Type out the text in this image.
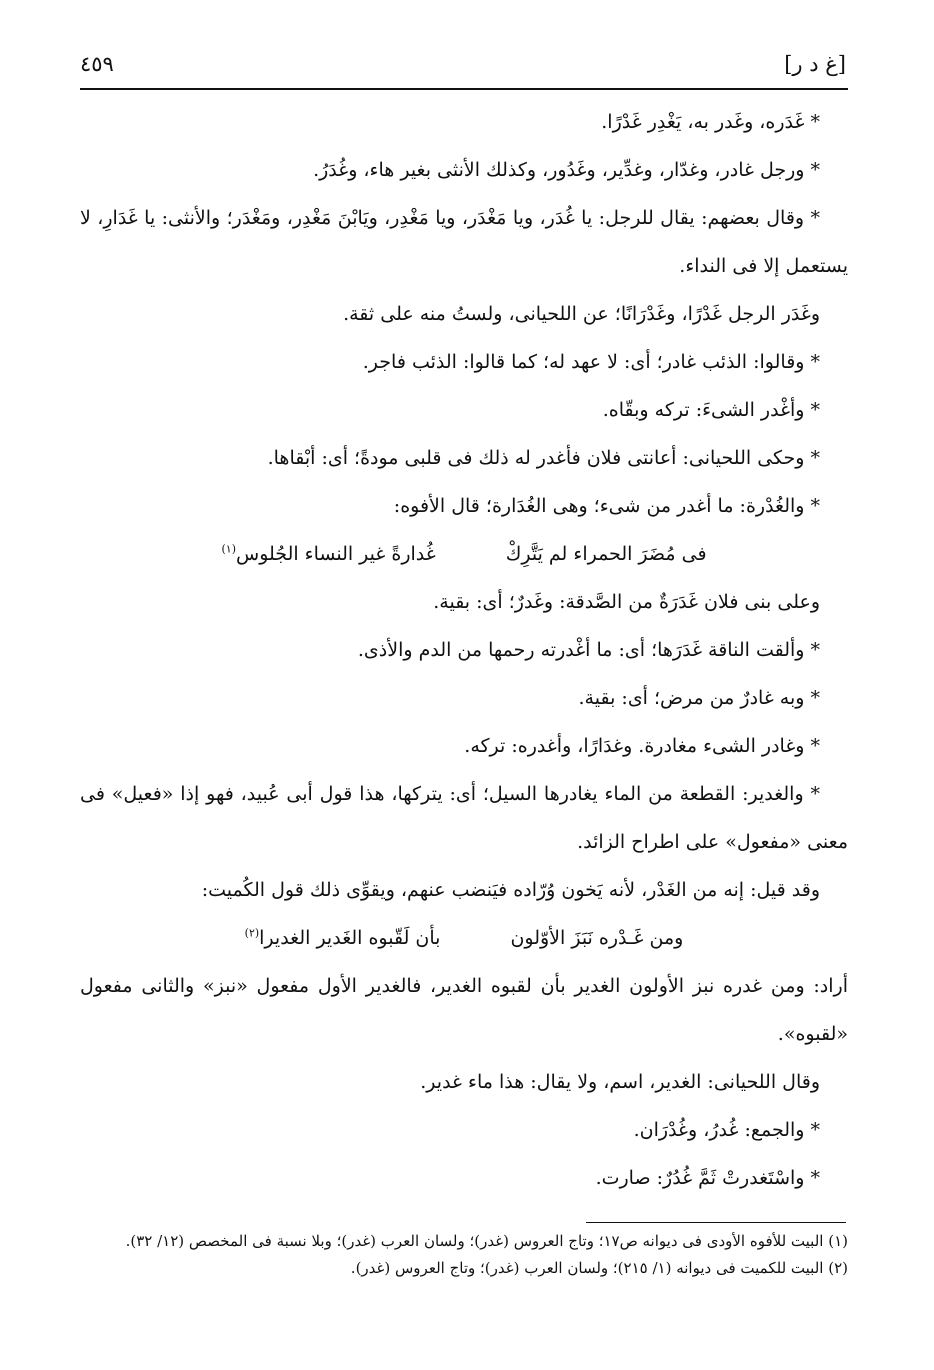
[غ د ر]
٤٥٩

* غَدَره، وغَدر به، يَغْدِر غَدْرًا.

* ورجل غادر، وغدّار، وغدِّير، وغَدُور، وكذلك الأنثى بغير هاء، وغُدَرُ.

* وقال بعضهم: يقال للرجل: يا غُدَر، ويا مَغْدَر، ويا مَغْدِر، ويَابْنَ مَغْدِر، ومَغْدَر؛ والأنثى: يا غَدَارِ، لا يستعمل إلا فى النداء.

وغَدَر الرجل غَدْرًا، وغَدْرَانًا؛ عن اللحيانى، ولستُ منه على ثقة.

* وقالوا: الذئب غادر؛ أى: لا عهد له؛ كما قالوا: الذئب فاجر.

* وأغْدر الشىءَ: تركه وبقّاه.

* وحكى اللحيانى: أعانتى فلان فأغدر له ذلك فى قلبى مودةً؛ أى: أبْقاها.

* والغُدْرة: ما أغدر من شىء؛ وهى الغُدَارة؛ قال الأفوه:

فى مُضَرَ الحمراء لم يَتَّرِكْ
غُدارةً غير النساء الجُلوس$^{(١)}$

وعلى بنى فلان غَدَرَةٌ من الصَّدقة: وغَدرٌ؛ أى: بقية.

* وألقت الناقة غَدَرَها؛ أى: ما أغْدرته رحمها من الدم والأذى.

* وبه غادرٌ من مرض؛ أى: بقية.

* وغادر الشىء مغادرة. وغدَارًا، وأغدره: تركه.

* والغدير: القطعة من الماء يغادرها السيل؛ أى: يتركها، هذا قول أبى عُبيد، فهو إذا «فعيل» فى معنى «مفعول» على اطراح الزائد.

وقد قيل: إنه من الغَدْر، لأنه يَخون وُرّاده فيَنضب عنهم، ويقوِّى ذلك قول الكُميت:

ومن غَـدْره نَبَزَ الأوّلون
بأن لَقّبوه الغَدير الغديرا$^{(٢)}$

أراد: ومن غدره نبز الأولون الغدير بأن لقبوه الغدير، فالغدير الأول مفعول «نبز» والثانى مفعول «لقبوه».

وقال اللحيانى: الغدير، اسم، ولا يقال: هذا ماء غدير.

* والجمع: غُدرُ، وغُدْرَان.

* واسْتَغدرتْ ثَمَّ غُدُرٌ: صارت.

(١) البيت للأفوه الأودى فى ديوانه ص١٧؛ وتاج العروس (غدر)؛ ولسان العرب (غدر)؛ وبلا نسبة فى المخصص (١٢/ ٣٢).

(٢) البيت للكميت فى ديوانه (١/ ٢١٥)؛ ولسان العرب (غدر)؛ وتاج العروس (غدر).
